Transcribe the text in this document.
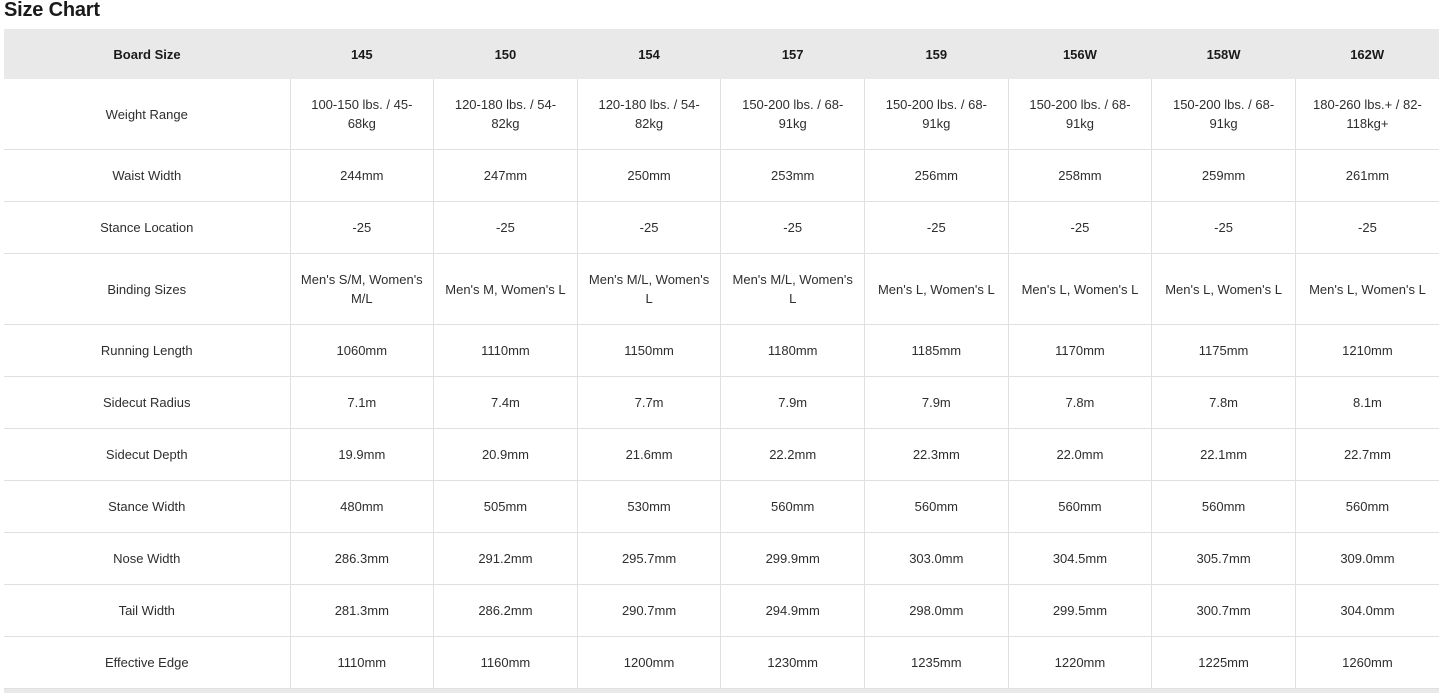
Size Chart
Board Size	145	150	154	157	159	156W	158W	162W
Weight Range	100-150 lbs. / 45-68kg	120-180 lbs. / 54-82kg	120-180 lbs. / 54-82kg	150-200 lbs. / 68-91kg	150-200 lbs. / 68-91kg	150-200 lbs. / 68-91kg	150-200 lbs. / 68-91kg	180-260 lbs.+ / 82-118kg+
Waist Width	244mm	247mm	250mm	253mm	256mm	258mm	259mm	261mm
Stance Location	-25	-25	-25	-25	-25	-25	-25	-25
Binding Sizes	Men's S/M, Women's M/L	Men's M, Women's L	Men's M/L, Women's L	Men's M/L, Women's L	Men's L, Women's L	Men's L, Women's L	Men's L, Women's L	Men's L, Women's L
Running Length	1060mm	1110mm	1150mm	1180mm	1185mm	1170mm	1175mm	1210mm
Sidecut Radius	7.1m	7.4m	7.7m	7.9m	7.9m	7.8m	7.8m	8.1m
Sidecut Depth	19.9mm	20.9mm	21.6mm	22.2mm	22.3mm	22.0mm	22.1mm	22.7mm
Stance Width	480mm	505mm	530mm	560mm	560mm	560mm	560mm	560mm
Nose Width	286.3mm	291.2mm	295.7mm	299.9mm	303.0mm	304.5mm	305.7mm	309.0mm
Tail Width	281.3mm	286.2mm	290.7mm	294.9mm	298.0mm	299.5mm	300.7mm	304.0mm
Effective Edge	1110mm	1160mm	1200mm	1230mm	1235mm	1220mm	1225mm	1260mm
